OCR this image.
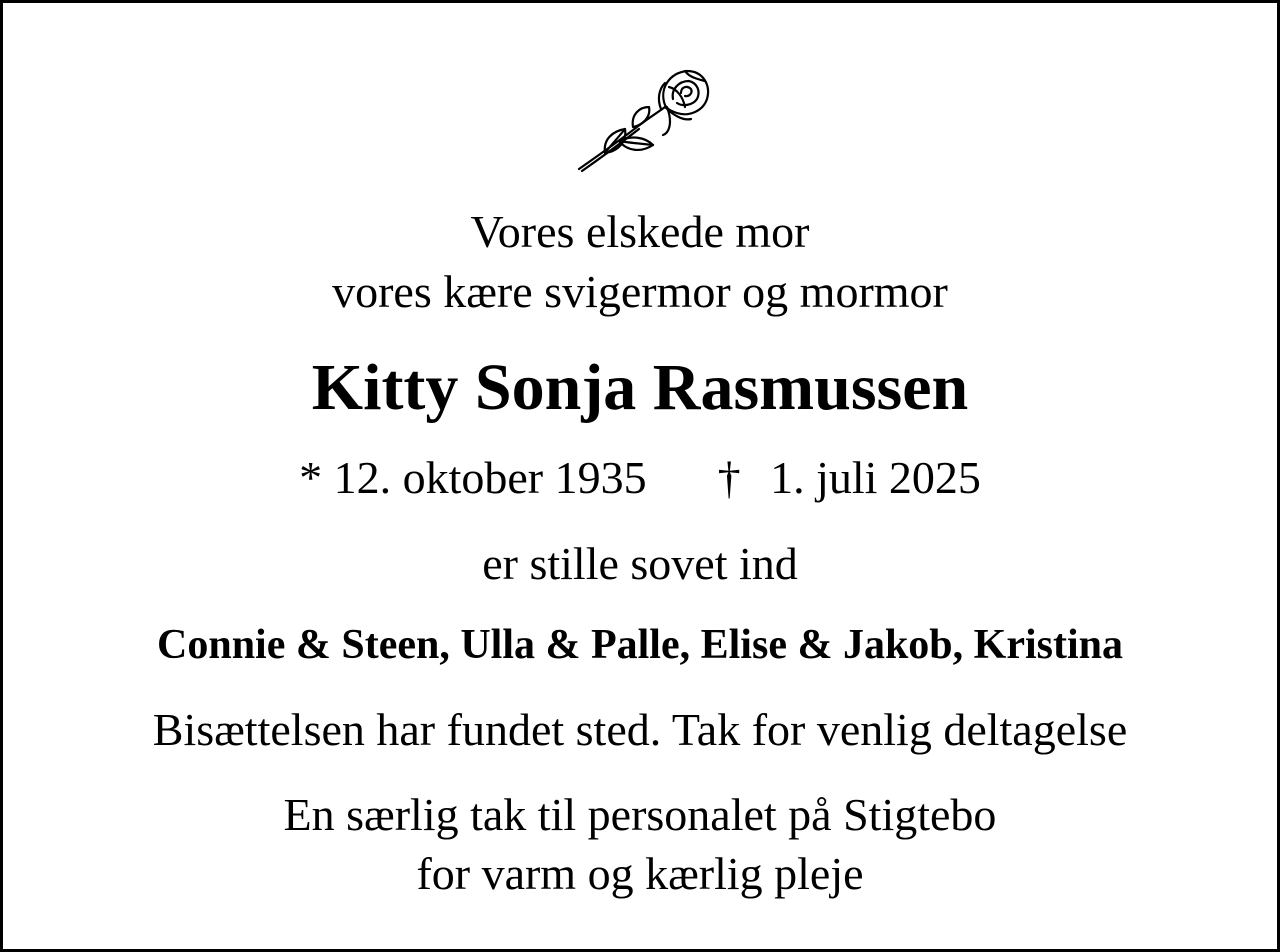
Vores elskede mor
vores kære svigermor og mormor
Kitty Sonja Rasmussen
* 12. oktober 1935 † 1. juli 2025
er stille sovet ind
Connie & Steen, Ulla & Palle, Elise & Jakob, Kristina
Bisættelsen har fundet sted. Tak for venlig deltagelse
En særlig tak til personalet på Stigtebo
for varm og kærlig pleje
